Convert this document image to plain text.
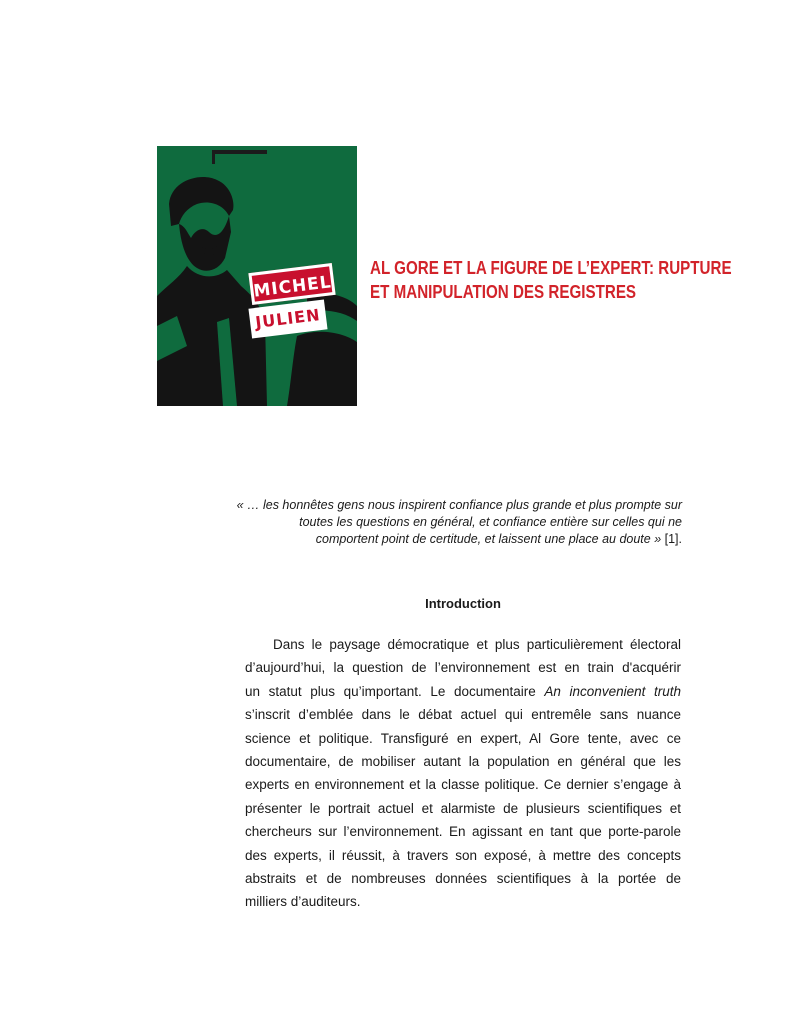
MICHEL
JULIEN
AL GORE ET LA FIGURE DE L’EXPERT: RUPTURE
ET MANIPULATION DES REGISTRES

« … les honnêtes gens nous inspirent confiance plus grande et plus prompte sur
toutes les questions en général, et confiance entière sur celles qui ne
comportent point de certitude, et laissent une place au doute » [1].

Introduction

Dans le paysage démocratique et plus particulièrement électoral
d’aujourd’hui, la question de l’environnement est en train d'acquérir
un statut plus qu’important. Le documentaire An inconvenient truth
s’inscrit d’emblée dans le débat actuel qui entremêle sans nuance
science et politique. Transfiguré en expert, Al Gore tente, avec ce
documentaire, de mobiliser autant la population en général que les
experts en environnement et la classe politique. Ce dernier s’engage à
présenter le portrait actuel et alarmiste de plusieurs scientifiques et
chercheurs sur l’environnement. En agissant en tant que porte-parole
des experts, il réussit, à travers son exposé, à mettre des concepts
abstraits et de nombreuses données scientifiques à la portée de
milliers d’auditeurs.
